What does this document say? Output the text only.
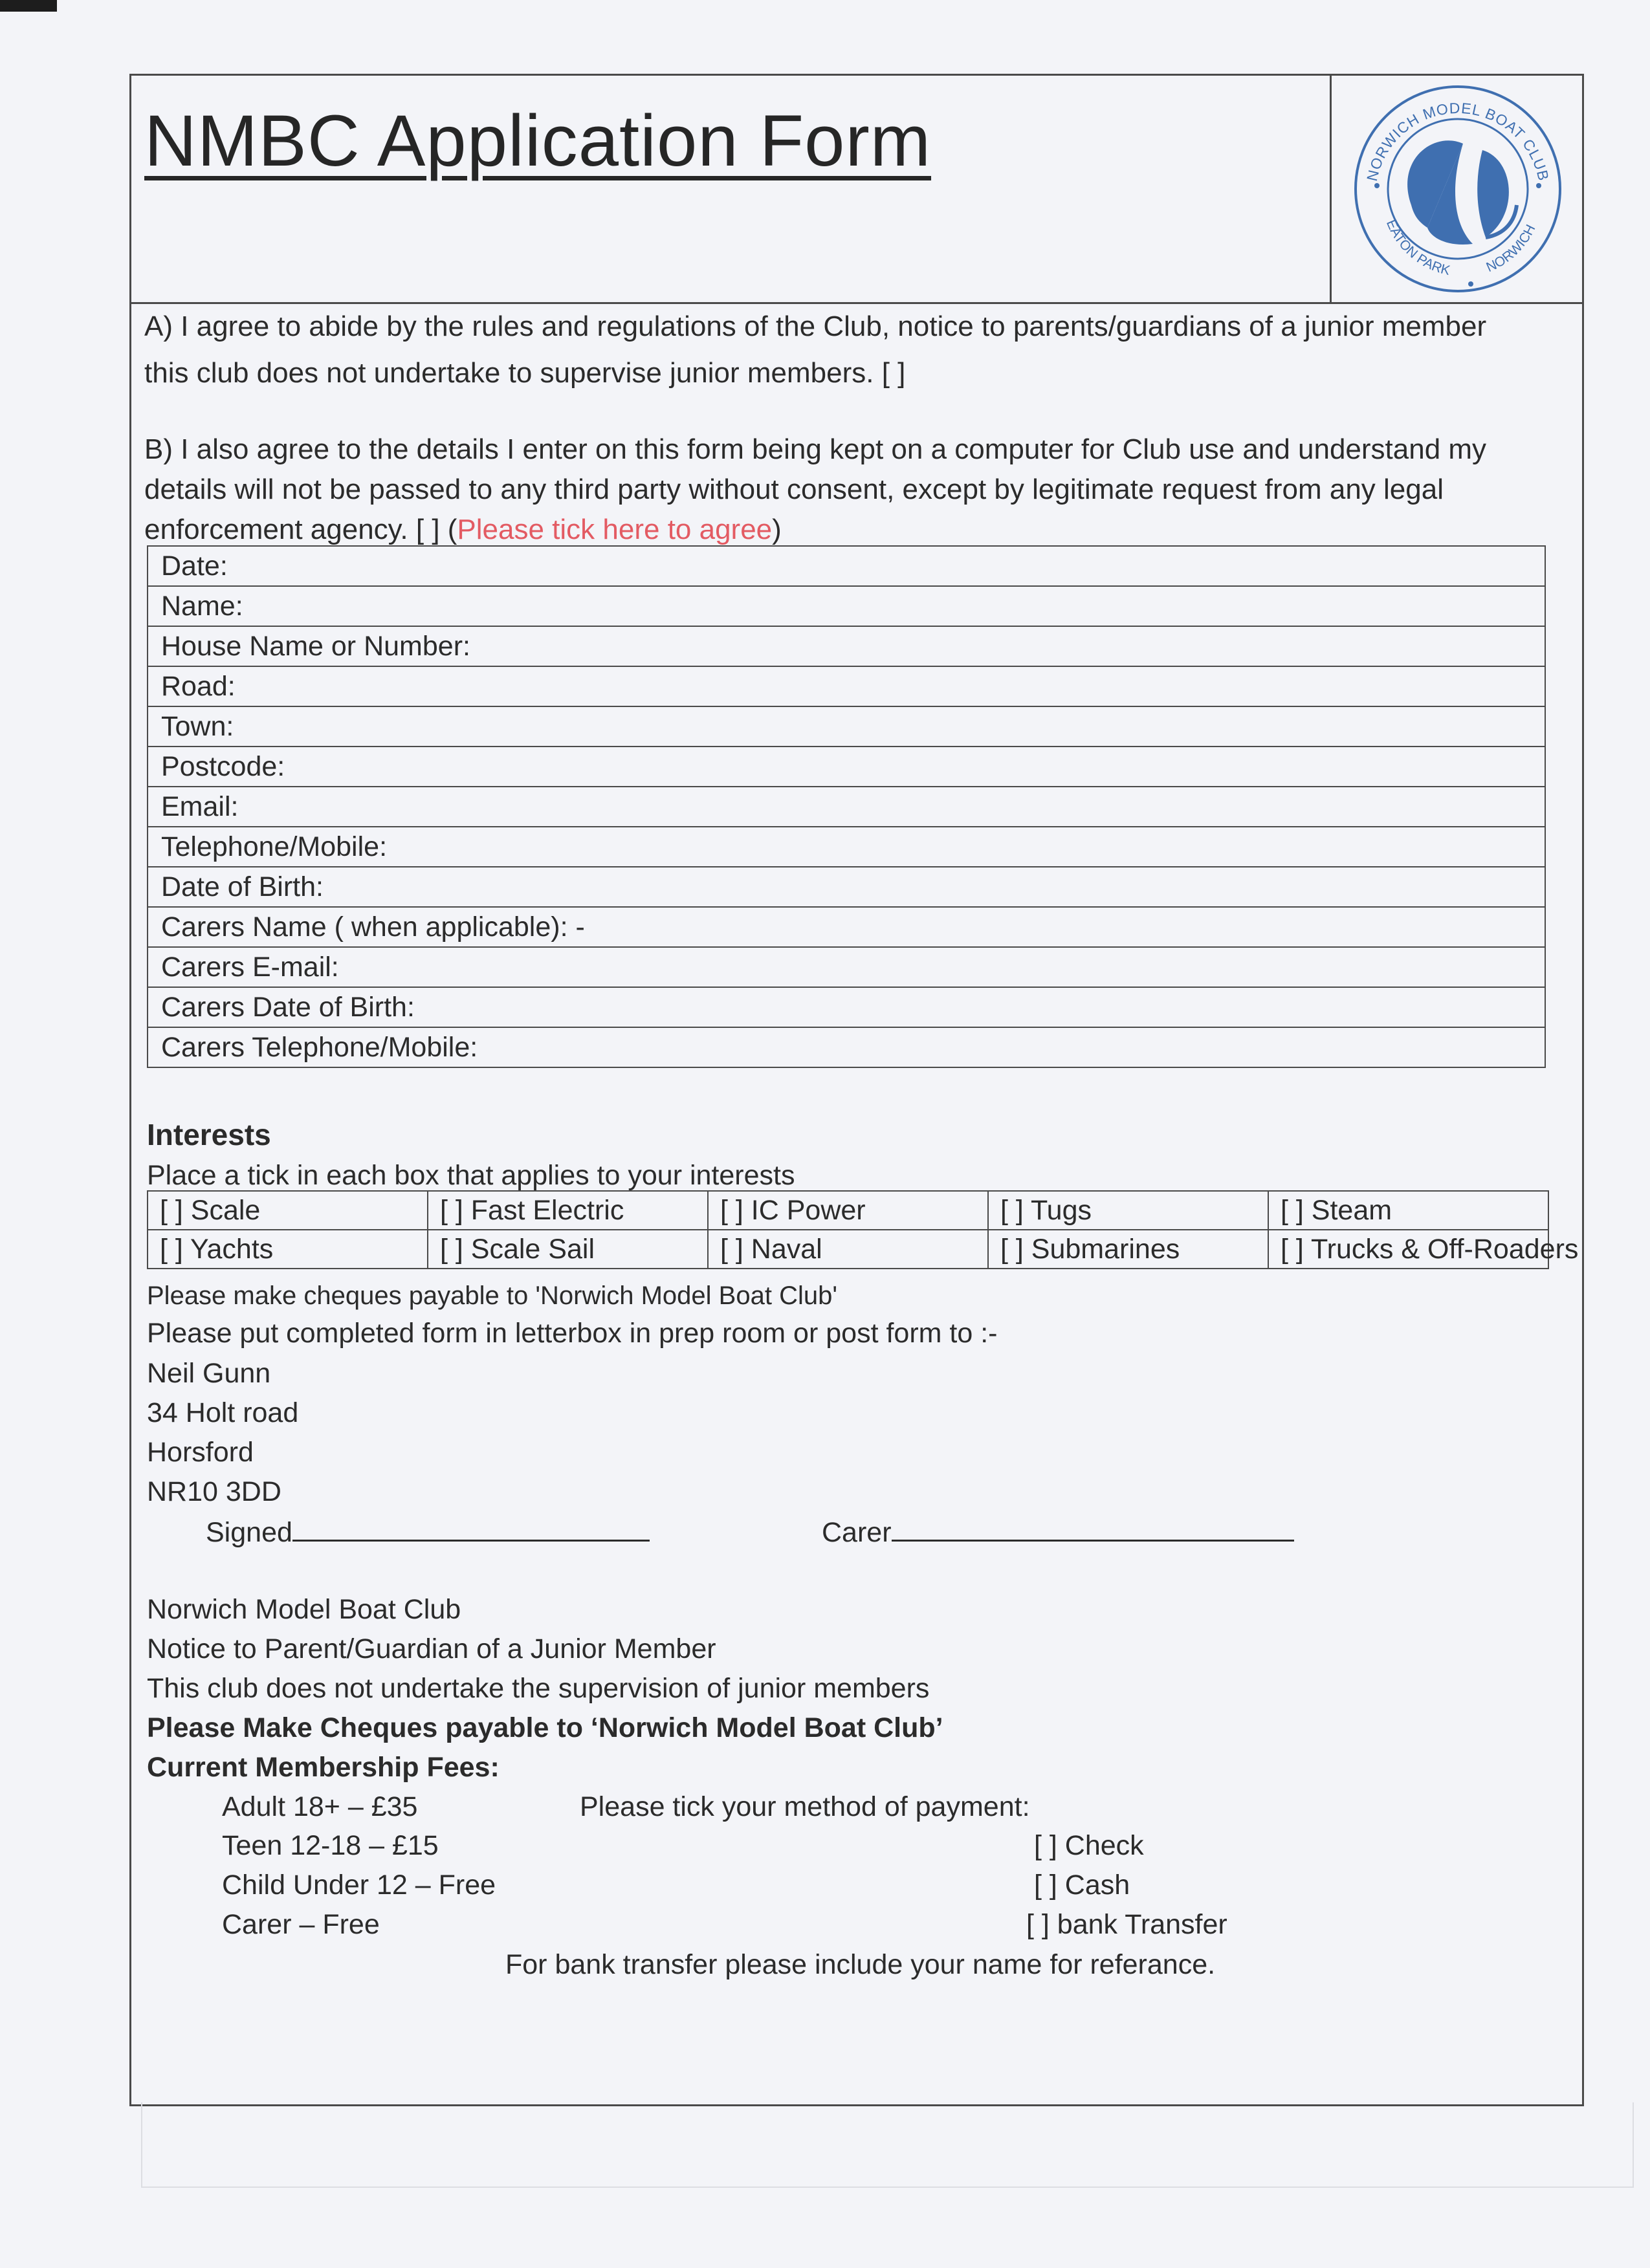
NMBC Application Form	NORWICH MODEL BOAT CLUB
EATON PARK NORWICH
A) I agree to abide by the rules and regulations of the Club, notice to parents/guardians of a junior member
this club does not undertake to supervise junior members. [ ]
B) I also agree to the details I enter on this form being kept on a computer for Club use and understand my
details will not be passed to any third party without consent, except by legitimate request from any legal
enforcement agency. [ ] (Please tick here to agree)
Date:
Name:
House Name or Number:
Road:
Town:
Postcode:
Email:
Telephone/Mobile:
Date of Birth:
Carers Name ( when applicable): -
Carers E-mail:
Carers Date of Birth:
Carers Telephone/Mobile:
Interests
Place a tick in each box that applies to your interests
[ ] Scale	[ ] Fast Electric	[ ] IC Power	[ ] Tugs	[ ] Steam
[ ] Yachts	[ ] Scale Sail	[ ] Naval	[ ] Submarines	[ ] Trucks & Off-Roaders
Please make cheques payable to 'Norwich Model Boat Club'
Please put completed form in letterbox in prep room or post form to :-
Neil Gunn
34 Holt road
Horsford
NR10 3DD
Signed	Carer
Norwich Model Boat Club
Notice to Parent/Guardian of a Junior Member
This club does not undertake the supervision of junior members
Please Make Cheques payable to ‘Norwich Model Boat Club’
Current Membership Fees:
Adult 18+ – £35
Teen 12-18 – £15
Child Under 12 – Free
Carer – Free
Please tick your method of payment:
[ ] Check
[ ] Cash
[ ] bank Transfer
For bank transfer please include your name for referance.
